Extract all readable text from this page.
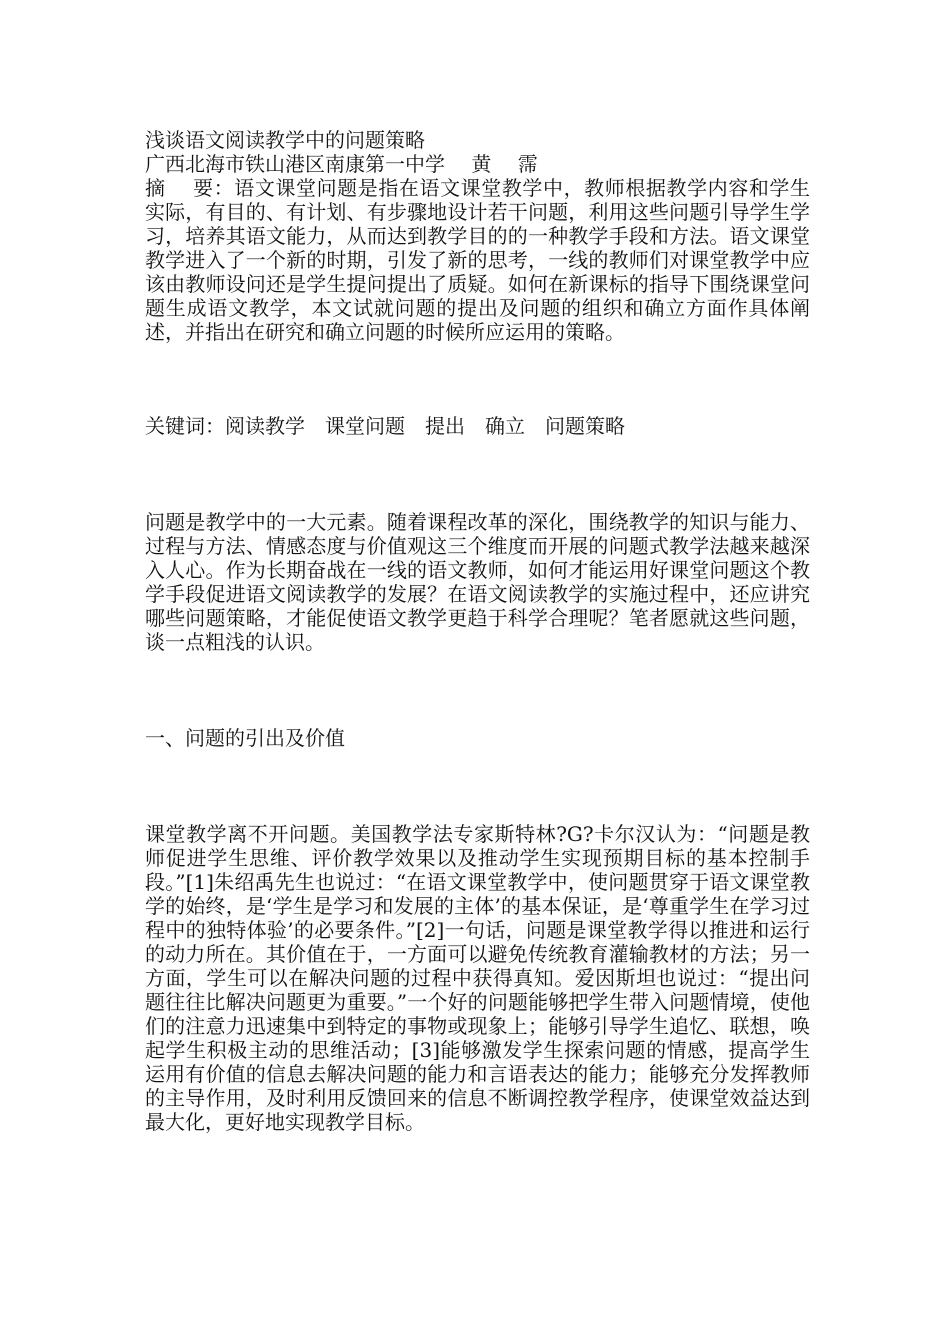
浅谈语文阅读教学中的问题策略

广西北海市铁山港区南康第一中学　 黄　 霈

摘　 要：语文课堂问题是指在语文课堂教学中，教师根据教学内容和学生实际，有目的、有计划、有步骤地设计若干问题，利用这些问题引导学生学习，培养其语文能力，从而达到教学目的的一种教学手段和方法。语文课堂教学进入了一个新的时期，引发了新的思考，一线的教师们对课堂教学中应该由教师设问还是学生提问提出了质疑。如何在新课标的指导下围绕课堂问题生成语文教学，本文试就问题的提出及问题的组织和确立方面作具体阐述，并指出在研究和确立问题的时候所应运用的策略。

关键词：阅读教学 课堂问题 提出 确立 问题策略

问题是教学中的一大元素。随着课程改革的深化，围绕教学的知识与能力、过程与方法、情感态度与价值观这三个维度而开展的问题式教学法越来越深入人心。作为长期奋战在一线的语文教师，如何才能运用好课堂问题这个教学手段促进语文阅读教学的发展？在语文阅读教学的实施过程中，还应讲究哪些问题策略，才能促使语文教学更趋于科学合理呢？笔者愿就这些问题，谈一点粗浅的认识。

一、问题的引出及价值

课堂教学离不开问题。美国教学法专家斯特林?G?卡尔汉认为：“问题是教师促进学生思维、评价教学效果以及推动学生实现预期目标的基本控制手段。”[1]朱绍禹先生也说过：“在语文课堂教学中，使问题贯穿于语文课堂教学的始终，是‘学生是学习和发展的主体’的基本保证，是‘尊重学生在学习过程中的独特体验’的必要条件。”[2]一句话，问题是课堂教学得以推进和运行的动力所在。其价值在于，一方面可以避免传统教育灌输教材的方法；另一方面，学生可以在解决问题的过程中获得真知。爱因斯坦也说过：“提出问题往往比解决问题更为重要。”一个好的问题能够把学生带入问题情境，使他们的注意力迅速集中到特定的事物或现象上；能够引导学生追忆、联想，唤起学生积极主动的思维活动；[3]能够激发学生探索问题的情感，提高学生运用有价值的信息去解决问题的能力和言语表达的能力；能够充分发挥教师的主导作用，及时利用反馈回来的信息不断调控教学程序，使课堂效益达到最大化，更好地实现教学目标。
